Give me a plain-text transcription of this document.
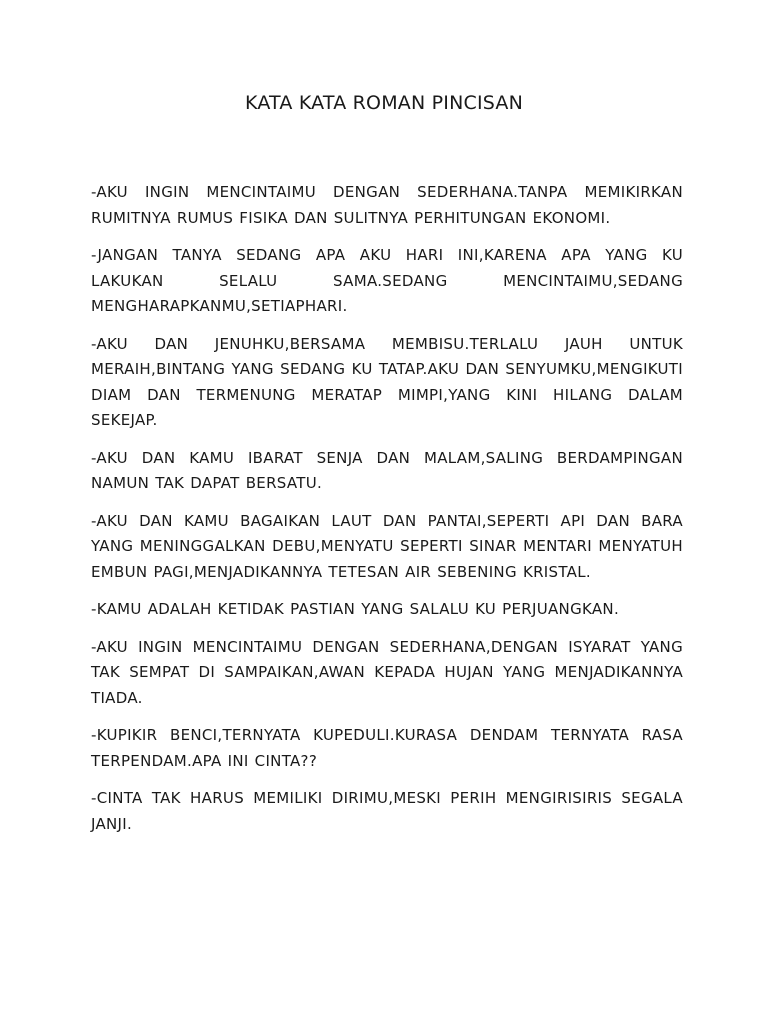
KATA KATA ROMAN PINCISAN

-AKU INGIN MENCINTAIMU DENGAN SEDERHANA.TANPA MEMIKIRKAN RUMITNYA RUMUS FISIKA DAN SULITNYA PERHITUNGAN EKONOMI.

-JANGAN TANYA SEDANG APA AKU HARI INI,KARENA APA YANG KU LAKUKAN SELALU SAMA.SEDANG MENCINTAIMU,SEDANG MENGHARAPKANMU,SETIAPHARI.

-AKU DAN JENUHKU,BERSAMA MEMBISU.TERLALU JAUH UNTUK MERAIH,BINTANG YANG SEDANG KU TATAP.AKU DAN SENYUMKU,MENGIKUTI DIAM DAN TERMENUNG MERATAP MIMPI,YANG KINI HILANG DALAM SEKEJAP.

-AKU DAN KAMU IBARAT SENJA DAN MALAM,SALING BERDAMPINGAN NAMUN TAK DAPAT BERSATU.

-AKU DAN KAMU BAGAIKAN LAUT DAN PANTAI,SEPERTI API DAN BARA YANG MENINGGALKAN DEBU,MENYATU SEPERTI SINAR MENTARI MENYATUH EMBUN PAGI,MENJADIKANNYA TETESAN AIR SEBENING KRISTAL.

-KAMU ADALAH KETIDAK PASTIAN YANG SALALU KU PERJUANGKAN.

-AKU INGIN MENCINTAIMU DENGAN SEDERHANA,DENGAN ISYARAT YANG TAK SEMPAT DI SAMPAIKAN,AWAN KEPADA HUJAN YANG MENJADIKANNYA TIADA.

-KUPIKIR BENCI,TERNYATA KUPEDULI.KURASA DENDAM TERNYATA RASA TERPENDAM.APA INI CINTA??

-CINTA TAK HARUS MEMILIKI DIRIMU,MESKI PERIH MENGIRISIRIS SEGALA JANJI.
